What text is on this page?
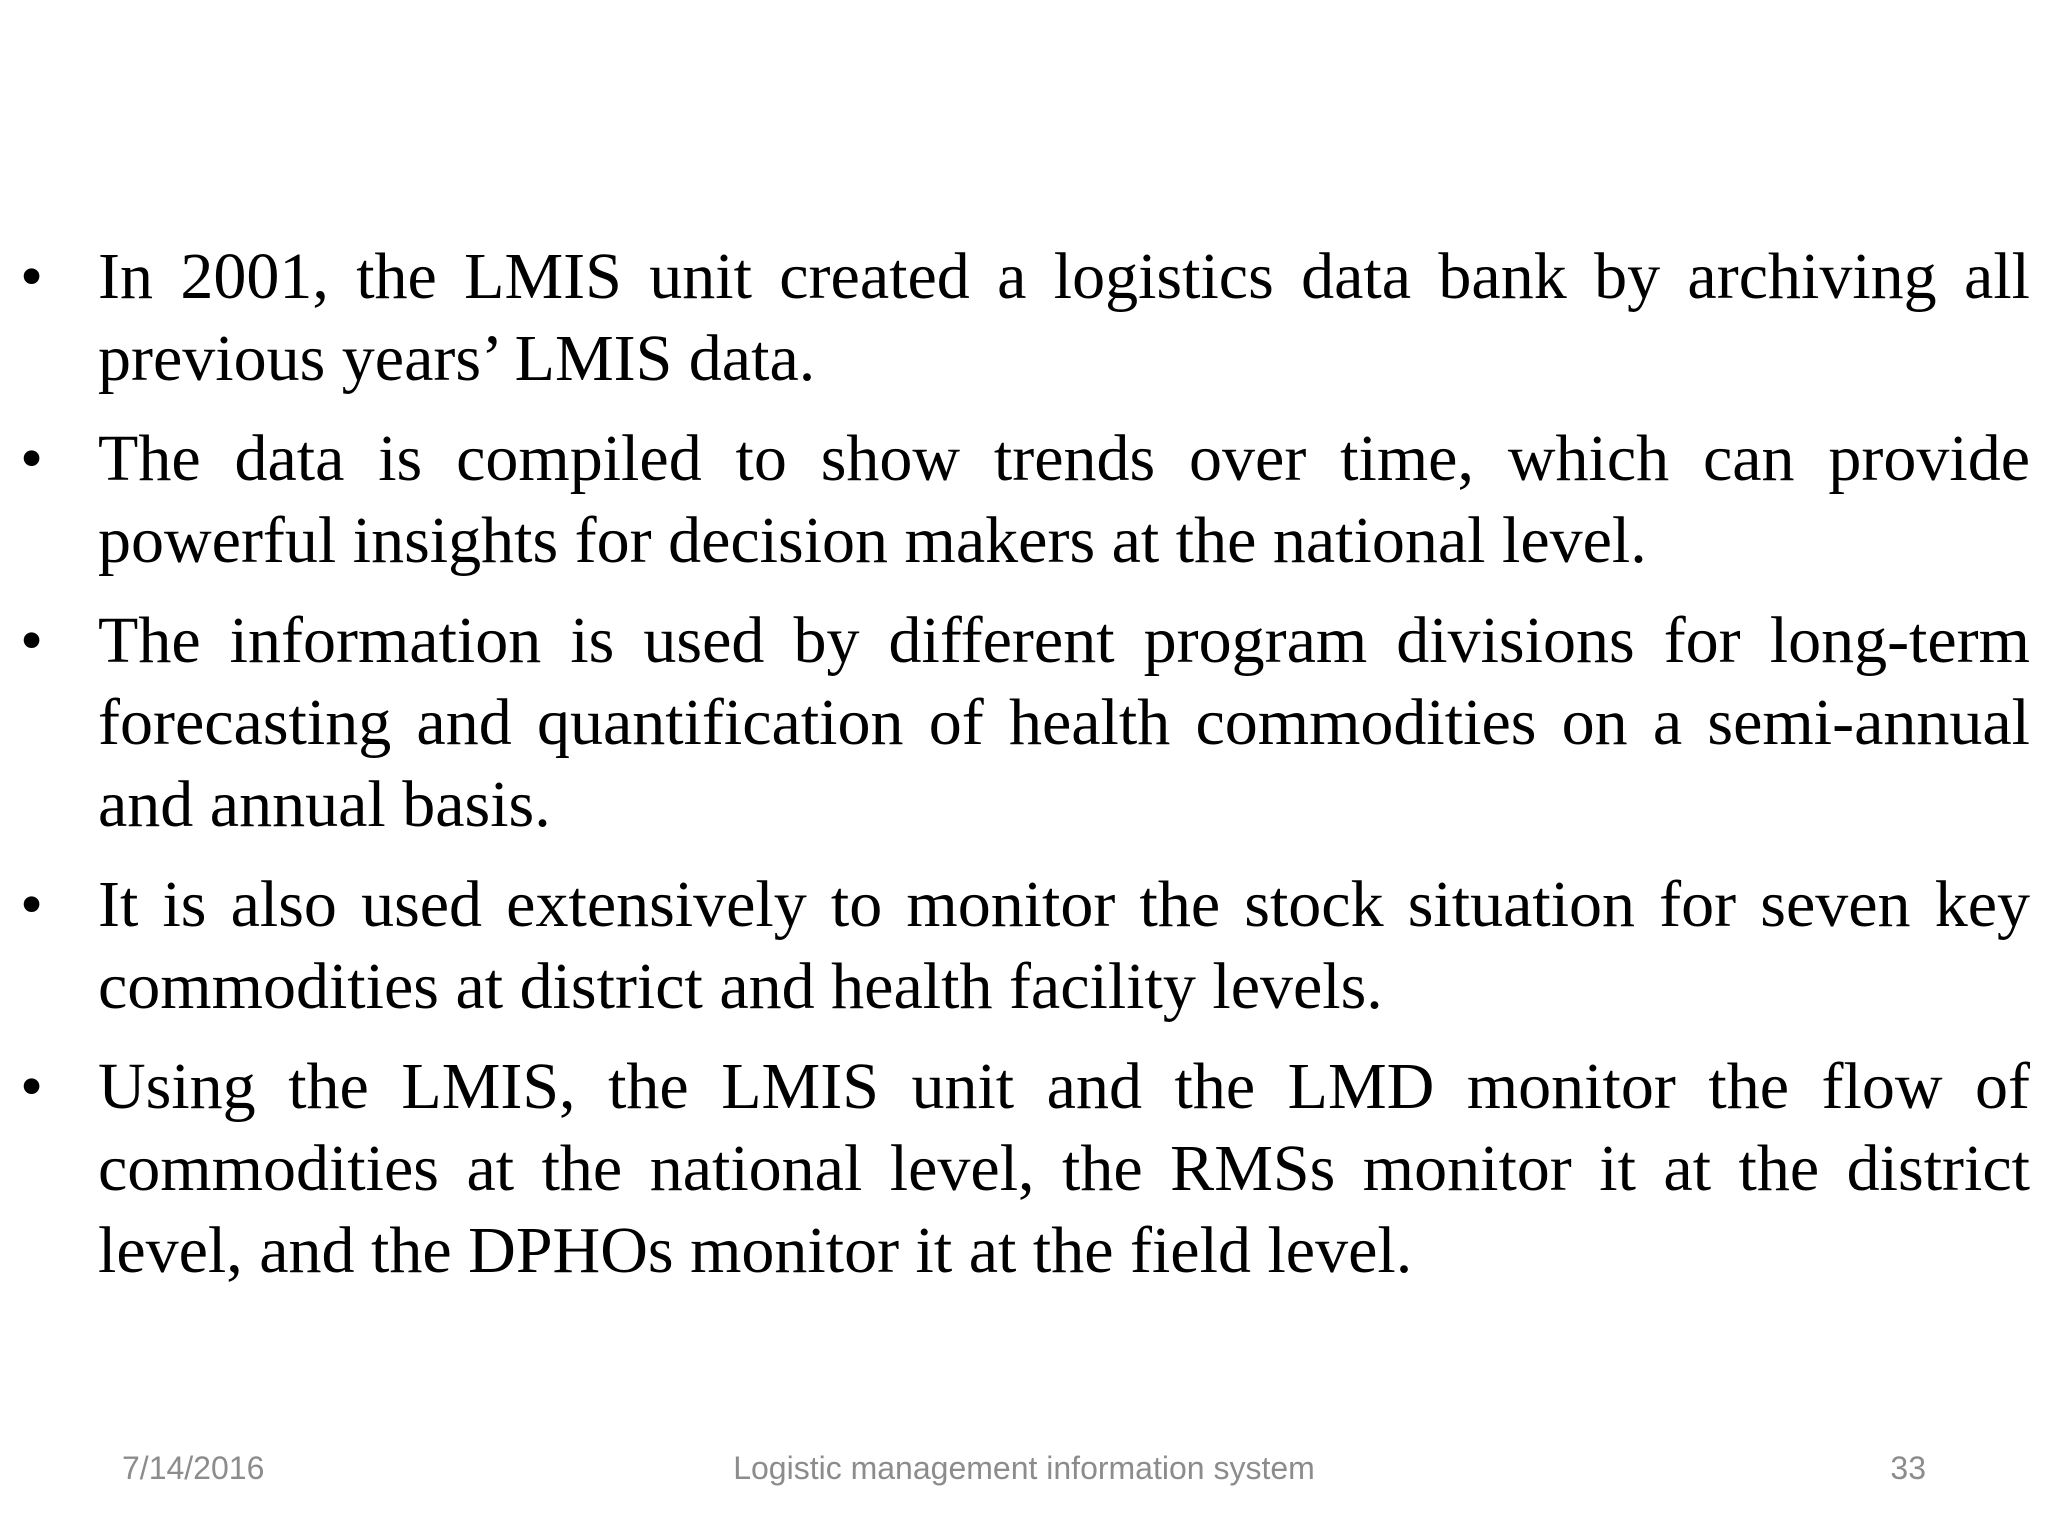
• In 2001, the LMIS unit created a logistics data bank by archiving all previous years’ LMIS data.
• The data is compiled to show trends over time, which can provide powerful insights for decision makers at the national level.
• The information is used by different program divisions for long-term forecasting and quantification of health commodities on a semi-annual and annual basis.
• It is also used extensively to monitor the stock situation for seven key commodities at district and health facility levels.
• Using the LMIS, the LMIS unit and the LMD monitor the flow of commodities at the national level, the RMSs monitor it at the district level, and the DPHOs monitor it at the field level.
7/14/2016	Logistic management information system	33
